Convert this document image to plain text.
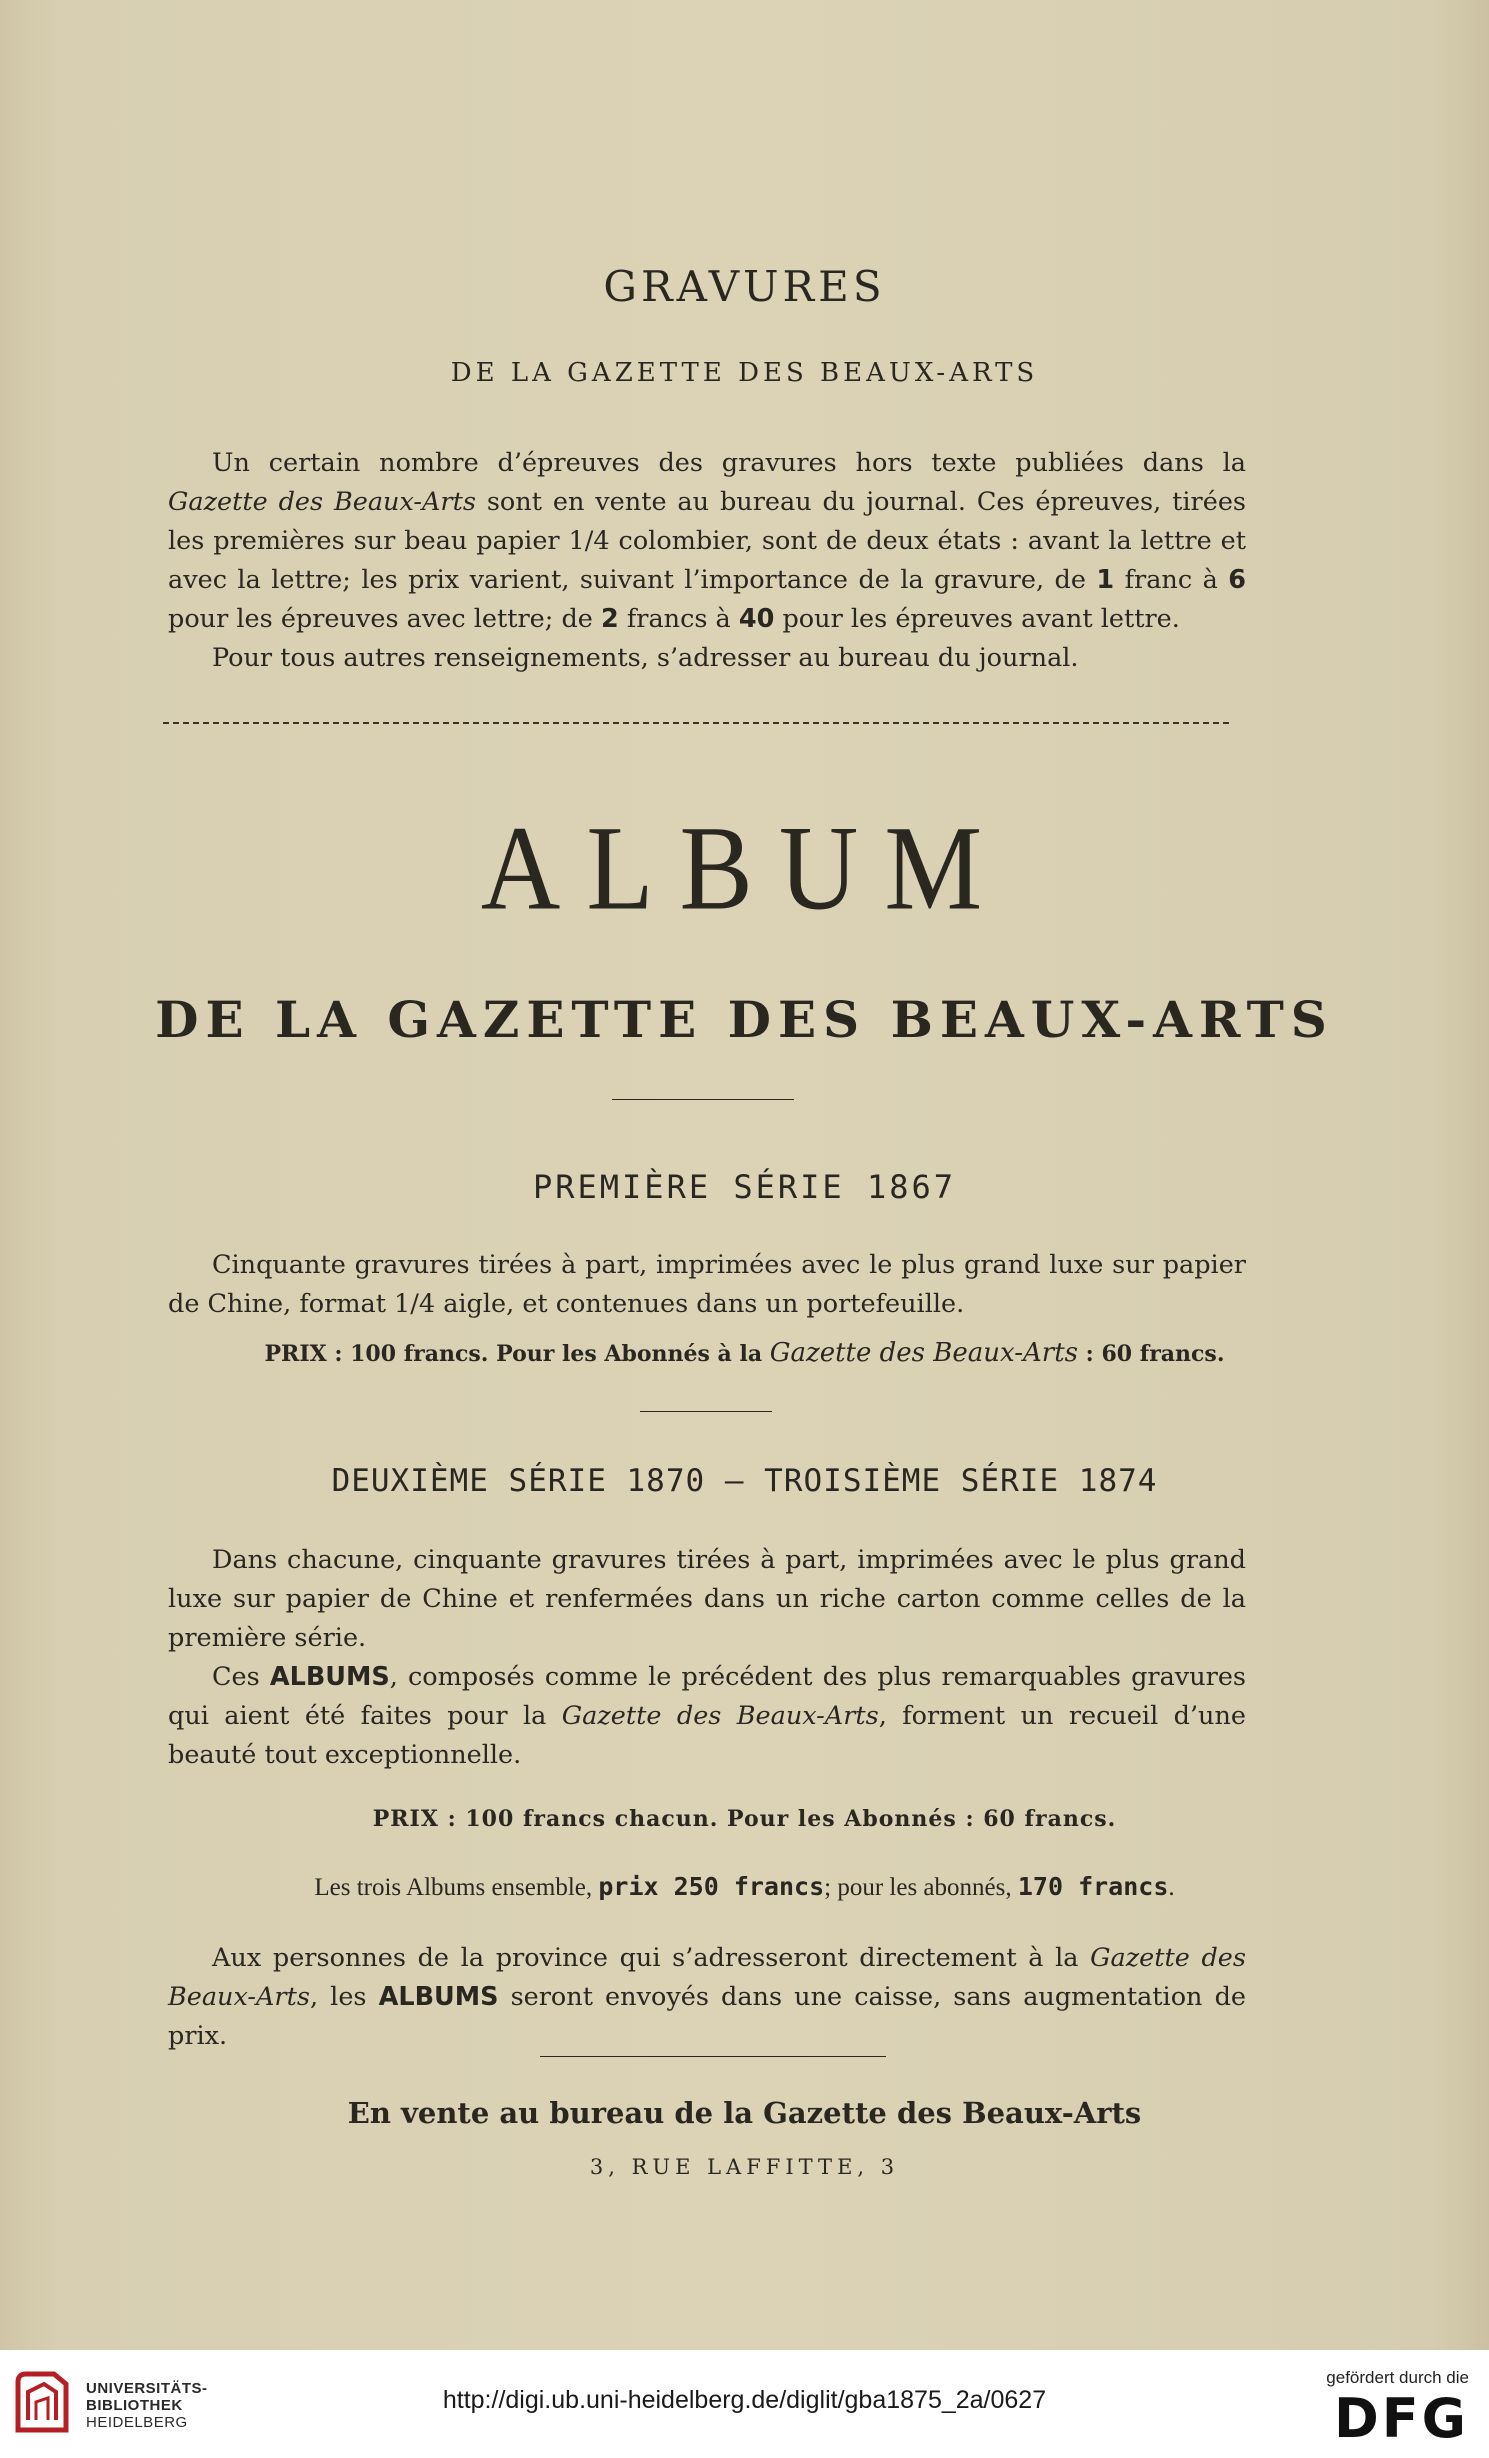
GRAVURES
DE LA GAZETTE DES BEAUX-ARTS

Un certain nombre d’épreuves des gravures hors texte publiées dans la Gazette des Beaux-Arts sont en vente au bureau du journal. Ces épreuves, tirées les premières sur beau papier 1/4 colombier, sont de deux états : avant la lettre et avec la lettre; les prix varient, suivant l’importance de la gravure, de 1 franc à 6 pour les épreuves avec lettre; de 2 francs à 40 pour les épreuves avant lettre.

Pour tous autres renseignements, s’adresser au bureau du journal.

ALBUM
DE LA GAZETTE DES BEAUX-ARTS
PREMIÈRE SÉRIE 1867

Cinquante gravures tirées à part, imprimées avec le plus grand luxe sur papier de Chine, format 1/4 aigle, et contenues dans un portefeuille.

PRIX : 100 francs. Pour les Abonnés à la Gazette des Beaux-Arts : 60 francs.
DEUXIÈME SÉRIE 1870 — TROISIÈME SÉRIE 1874

Dans chacune, cinquante gravures tirées à part, imprimées avec le plus grand luxe sur papier de Chine et renfermées dans un riche carton comme celles de la première série.

Ces ALBUMS, composés comme le précédent des plus remarquables gravures qui aient été faites pour la Gazette des Beaux-Arts, forment un recueil d’une beauté tout exceptionnelle.

PRIX : 100 francs chacun. Pour les Abonnés : 60 francs.
Les trois Albums ensemble, prix 250 francs; pour les abonnés, 170 francs.

Aux personnes de la province qui s’adresseront directement à la Gazette des Beaux-Arts, les ALBUMS seront envoyés dans une caisse, sans augmentation de prix.

En vente au bureau de la Gazette des Beaux-Arts
3, RUE LAFFITTE, 3
UNIVERSITÄTS-
BIBLIOTHEK
HEIDELBERG
http://digi.ub.uni-heidelberg.de/diglit/gba1875_2a/0627
gefördert durch die
DFG
